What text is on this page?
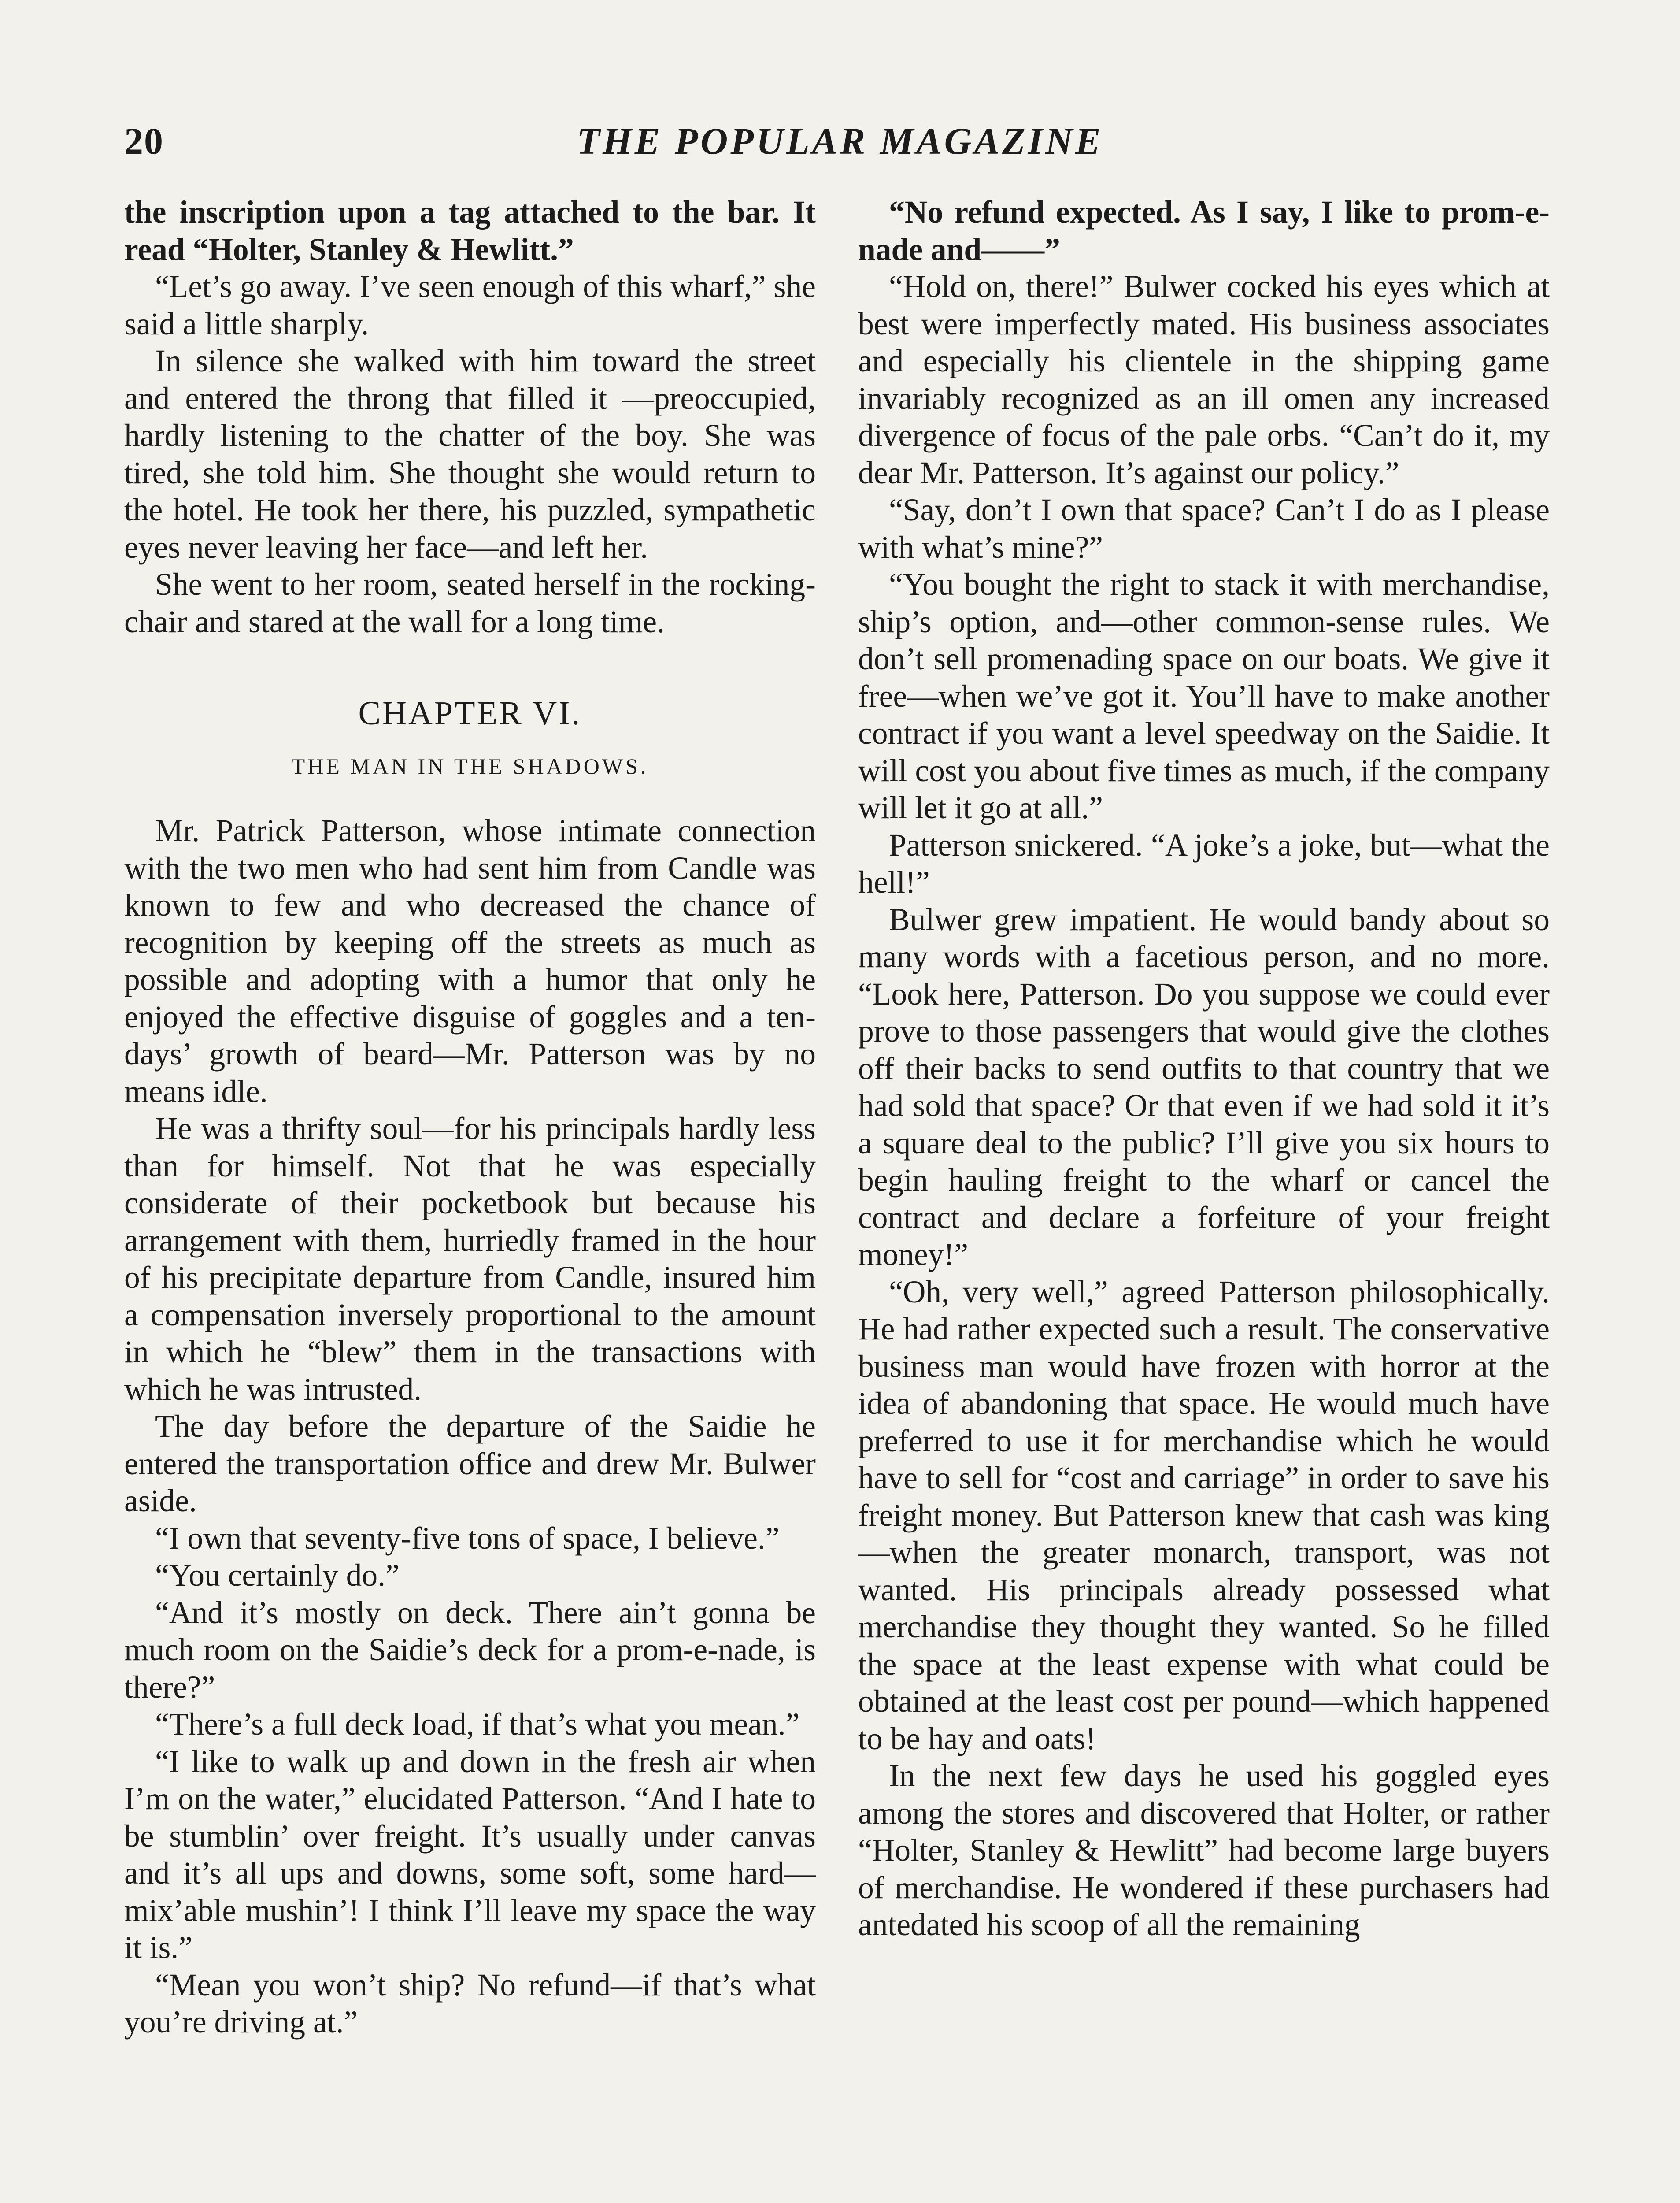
20	THE POPULAR MAGAZINE

the inscription upon a tag attached to the bar. It read “Holter, Stanley & Hewlitt.”

“Let’s go away. I’ve seen enough of this wharf,” she said a little sharply.

In silence she walked with him toward the street and entered the throng that filled it —preoccupied, hardly listening to the chatter of the boy. She was tired, she told him. She thought she would return to the hotel. He took her there, his puzzled, sympathetic eyes never leaving her face—and left her.

She went to her room, seated herself in the rocking-chair and stared at the wall for a long time.

CHAPTER VI.
THE MAN IN THE SHADOWS.

Mr. Patrick Patterson, whose intimate connection with the two men who had sent him from Candle was known to few and who decreased the chance of recognition by keeping off the streets as much as possible and adopting with a humor that only he enjoyed the effective disguise of goggles and a ten-days’ growth of beard—Mr. Patterson was by no means idle.

He was a thrifty soul—for his principals hardly less than for himself. Not that he was especially considerate of their pocketbook but because his arrangement with them, hurriedly framed in the hour of his precipitate departure from Candle, insured him a compensation inversely proportional to the amount in which he “blew” them in the transactions with which he was intrusted.

The day before the departure of the Saidie he entered the transportation office and drew Mr. Bulwer aside.

“I own that seventy-five tons of space, I believe.”

“You certainly do.”

“And it’s mostly on deck. There ain’t gonna be much room on the Saidie’s deck for a prom-e-nade, is there?”

“There’s a full deck load, if that’s what you mean.”

“I like to walk up and down in the fresh air when I’m on the water,” elucidated Patterson. “And I hate to be stumblin’ over freight. It’s usually under canvas and it’s all ups and downs, some soft, some hard—mix’able mushin’! I think I’ll leave my space the way it is.”

“Mean you won’t ship? No refund—if that’s what you’re driving at.”

“No refund expected. As I say, I like to prom-e-nade and——”

“Hold on, there!” Bulwer cocked his eyes which at best were imperfectly mated. His business associates and especially his clientele in the shipping game invariably recognized as an ill omen any increased divergence of focus of the pale orbs. “Can’t do it, my dear Mr. Patterson. It’s against our policy.”

“Say, don’t I own that space? Can’t I do as I please with what’s mine?”

“You bought the right to stack it with merchandise, ship’s option, and—other common-sense rules. We don’t sell promenading space on our boats. We give it free—when we’ve got it. You’ll have to make another contract if you want a level speedway on the Saidie. It will cost you about five times as much, if the company will let it go at all.”

Patterson snickered. “A joke’s a joke, but—what the hell!”

Bulwer grew impatient. He would bandy about so many words with a facetious person, and no more. “Look here, Patterson. Do you suppose we could ever prove to those passengers that would give the clothes off their backs to send outfits to that country that we had sold that space? Or that even if we had sold it it’s a square deal to the public? I’ll give you six hours to begin hauling freight to the wharf or cancel the contract and declare a forfeiture of your freight money!”

“Oh, very well,” agreed Patterson philosophically. He had rather expected such a result. The conservative business man would have frozen with horror at the idea of abandoning that space. He would much have preferred to use it for merchandise which he would have to sell for “cost and carriage” in order to save his freight money. But Patterson knew that cash was king—when the greater monarch, transport, was not wanted. His principals already possessed what merchandise they thought they wanted. So he filled the space at the least expense with what could be obtained at the least cost per pound—which happened to be hay and oats!

In the next few days he used his goggled eyes among the stores and discovered that Holter, or rather “Holter, Stanley & Hewlitt” had become large buyers of merchandise. He wondered if these purchasers had antedated his scoop of all the remaining
